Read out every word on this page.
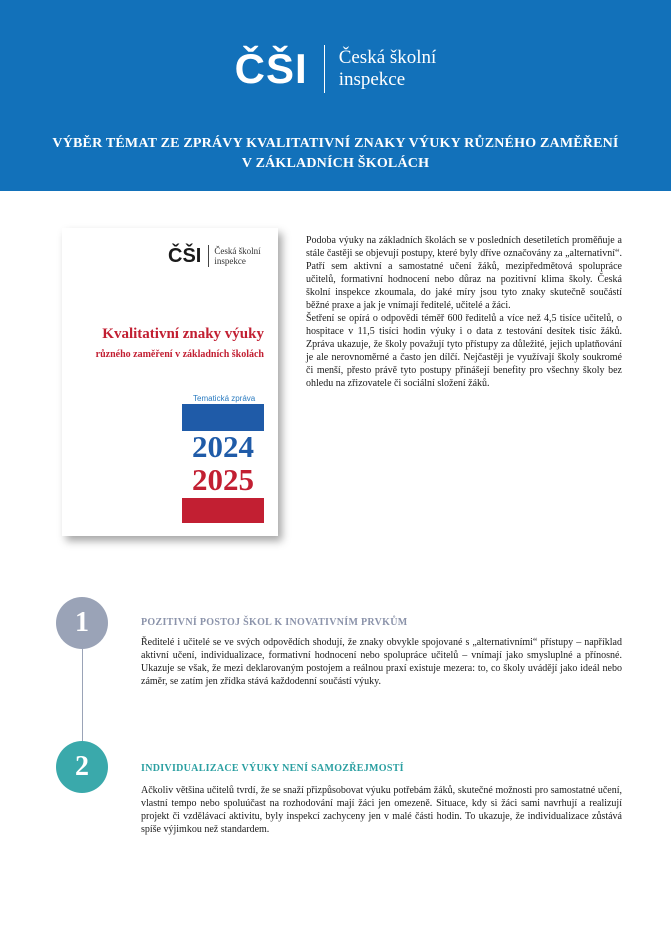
ČŠI Česká školní
inspekce
VÝBĚR TÉMAT ZE ZPRÁVY KVALITATIVNÍ ZNAKY VÝUKY RŮZNÉHO ZAMĚŘENÍ
V ZÁKLADNÍCH ŠKOLÁCH
ČŠI Česká školní
inspekce
Kvalitativní znaky výuky
různého zaměření v základních školách
Tematická zpráva
2024
2025

Podoba výuky na základních školách se v posledních desetiletích proměňuje a stále častěji se objevují postupy, které byly dříve označovány za „alternativní“. Patří sem aktivní a samostatné učení žáků, mezipředmětová spolupráce učitelů, formativní hodnocení nebo důraz na pozitivní klima školy. Česká školní inspekce zkoumala, do jaké míry jsou tyto znaky skutečně součástí běžné praxe a jak je vnímají ředitelé, učitelé a žáci.

Šetření se opírá o odpovědi téměř 600 ředitelů a více než 4,5 tisíce učitelů, o hospitace v 11,5 tisíci hodin výuky i o data z testování desítek tisíc žáků. Zpráva ukazuje, že školy považují tyto přístupy za důležité, jejich uplatňování je ale nerovnoměrné a často jen dílčí. Nejčastěji je využívají školy soukromé či menší, přesto právě tyto postupy přinášejí benefity pro všechny školy bez ohledu na zřizovatele či sociální složení žáků.

1	POZITIVNÍ POSTOJ ŠKOL K INOVATIVNÍM PRVKŮM
Ředitelé i učitelé se ve svých odpovědích shodují, že znaky obvykle spojované s „alternativními“ přístupy – například aktivní učení, individualizace, formativní hodnocení nebo spolupráce učitelů – vnímají jako smysluplné a přínosné. Ukazuje se však, že mezi deklarovaným postojem a reálnou praxí existuje mezera: to, co školy uvádějí jako ideál nebo záměr, se zatím jen zřídka stává každodenní součástí výuky.
2	INDIVIDUALIZACE VÝUKY NENÍ SAMOZŘEJMOSTÍ
Ačkoliv většina učitelů tvrdí, že se snaží přizpůsobovat výuku potřebám žáků, skutečné možnosti pro samostatné učení, vlastní tempo nebo spoluúčast na rozhodování mají žáci jen omezeně. Situace, kdy si žáci sami navrhují a realizují projekt či vzdělávací aktivitu, byly inspekcí zachyceny jen v malé části hodin. To ukazuje, že individualizace zůstává spíše výjimkou než standardem.
